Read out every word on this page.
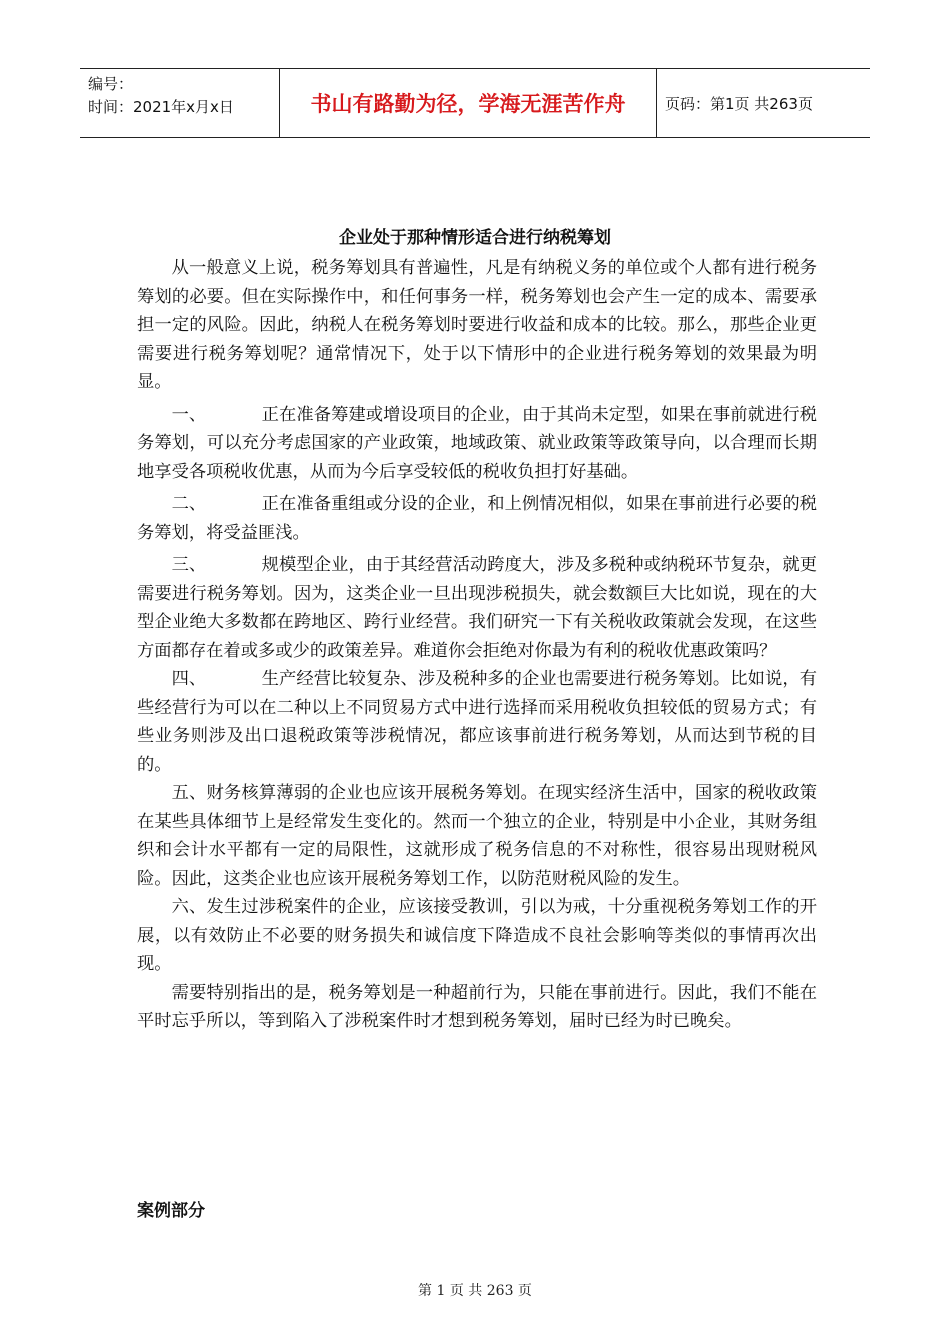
编号：
时间：2021年x月x日	书山有路勤为径，学海无涯苦作舟	页码：第1页 共263页
企业处于那种情形适合进行纳税筹划

从一般意义上说，税务筹划具有普遍性，凡是有纳税义务的单位或个人都有进行税务筹划的必要。但在实际操作中，和任何事务一样，税务筹划也会产生一定的成本、需要承担一定的风险。因此，纳税人在税务筹划时要进行收益和成本的比较。那么，那些企业更需要进行税务筹划呢？通常情况下，处于以下情形中的企业进行税务筹划的效果最为明显。

一、	正在准备筹建或增设项目的企业，由于其尚未定型，如果在事前就进行税务筹划，可以充分考虑国家的产业政策，地域政策、就业政策等政策导向，以合理而长期地享受各项税收优惠，从而为今后享受较低的税收负担打好基础。

二、	正在准备重组或分设的企业，和上例情况相似，如果在事前进行必要的税务筹划，将受益匪浅。

三、	规模型企业，由于其经营活动跨度大，涉及多税种或纳税环节复杂，就更需要进行税务筹划。因为，这类企业一旦出现涉税损失，就会数额巨大比如说，现在的大型企业绝大多数都在跨地区、跨行业经营。我们研究一下有关税收政策就会发现，在这些方面都存在着或多或少的政策差异。难道你会拒绝对你最为有利的税收优惠政策吗？

四、	生产经营比较复杂、涉及税种多的企业也需要进行税务筹划。比如说，有些经营行为可以在二种以上不同贸易方式中进行选择而采用税收负担较低的贸易方式；有些业务则涉及出口退税政策等涉税情况，都应该事前进行税务筹划，从而达到节税的目的。

五、财务核算薄弱的企业也应该开展税务筹划。在现实经济生活中，国家的税收政策在某些具体细节上是经常发生变化的。然而一个独立的企业，特别是中小企业，其财务组织和会计水平都有一定的局限性，这就形成了税务信息的不对称性，很容易出现财税风险。因此，这类企业也应该开展税务筹划工作，以防范财税风险的发生。

六、发生过涉税案件的企业，应该接受教训，引以为戒，十分重视税务筹划工作的开展，以有效防止不必要的财务损失和诚信度下降造成不良社会影响等类似的事情再次出现。

需要特别指出的是，税务筹划是一种超前行为，只能在事前进行。因此，我们不能在平时忘乎所以，等到陷入了涉税案件时才想到税务筹划，届时已经为时已晚矣。

案例部分
第 1 页 共 263 页
